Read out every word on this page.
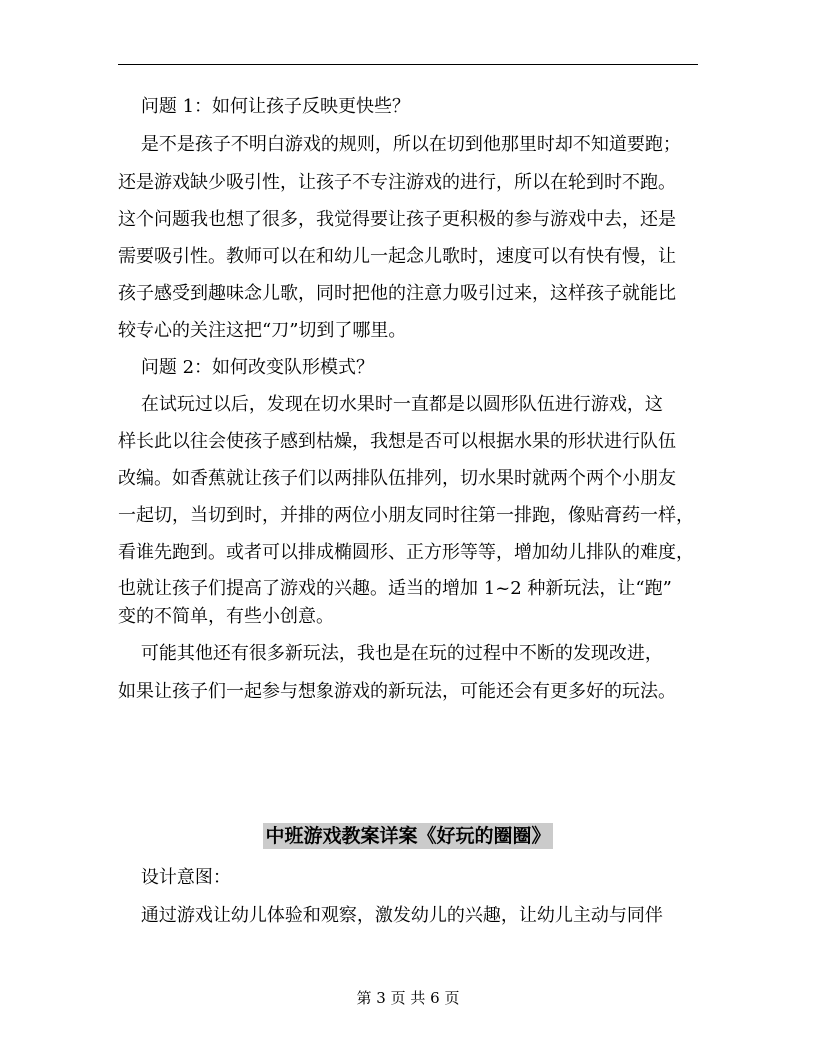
问题 1：如何让孩子反映更快些？
是不是孩子不明白游戏的规则，所以在切到他那里时却不知道要跑；
还是游戏缺少吸引性，让孩子不专注游戏的进行，所以在轮到时不跑。
这个问题我也想了很多，我觉得要让孩子更积极的参与游戏中去，还是
需要吸引性。教师可以在和幼儿一起念儿歌时，速度可以有快有慢，让
孩子感受到趣味念儿歌，同时把他的注意力吸引过来，这样孩子就能比
较专心的关注这把“刀”切到了哪里。
问题 2：如何改变队形模式？
在试玩过以后，发现在切水果时一直都是以圆形队伍进行游戏，这
样长此以往会使孩子感到枯燥，我想是否可以根据水果的形状进行队伍
改编。如香蕉就让孩子们以两排队伍排列，切水果时就两个两个小朋友
一起切，当切到时，并排的两位小朋友同时往第一排跑，像贴膏药一样，
看谁先跑到。或者可以排成椭圆形、正方形等等，增加幼儿排队的难度，
也就让孩子们提高了游戏的兴趣。适当的增加 1~2 种新玩法，让“跑”
变的不简单，有些小创意。
可能其他还有很多新玩法，我也是在玩的过程中不断的发现改进，
如果让孩子们一起参与想象游戏的新玩法，可能还会有更多好的玩法。
中班游戏教案详案《好玩的圈圈》
设计意图：
通过游戏让幼儿体验和观察，激发幼儿的兴趣，让幼儿主动与同伴
第 3 页 共 6 页
